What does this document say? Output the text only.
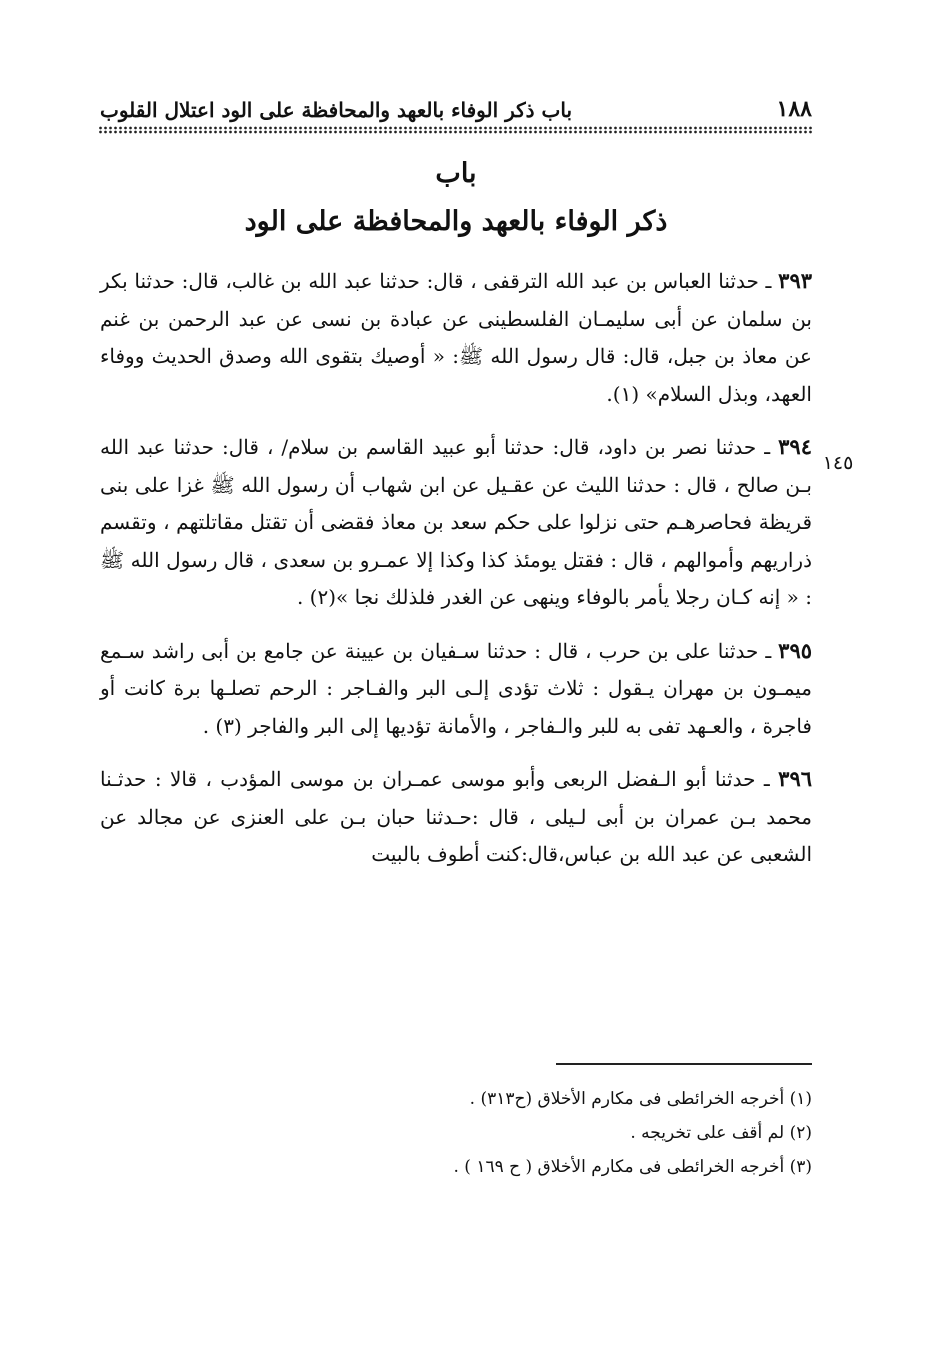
١٨٨
باب ذكر الوفاء بالعهد والمحافظة على الود اعتلال القلوب
باب
ذكر الوفاء بالعهد والمحافظة على الود
١٤٥

٣٩٣ ـ حدثنا العباس بن عبد الله الترقفى ، قال: حدثنا عبد الله بن غالب، قال: حدثنا بكر بن سلمان عن أبى سليمـان الفلسطينى عن عبادة بن نسى عن عبد الرحمن بن غنم عن معاذ بن جبل، قال: قال رسول الله ﷺ: « أوصيك بتقوى الله وصدق الحديث ووفاء العهد، وبذل السلام» (١).

٣٩٤ ـ حدثنا نصر بن داود، قال: حدثنا أبو عبيد القاسم بن سلام/ ، قال: حدثنا عبد الله بـن صالح ، قال : حدثنا الليث عن عقـيل عن ابن شهاب أن رسول الله ﷺ غزا على بنى قريظة فحاصرهـم حتى نزلوا على حكم سعد بن معاذ فقضى أن تقتل مقاتلتهم ، وتقسم ذراريهم وأموالهم ، قال : فقتل يومئذ كذا وكذا إلا عمـرو بن سعدى ، قال رسول الله ﷺ : « إنه كـان رجلا يأمر بالوفاء وينهى عن الغدر فلذلك نجا »(٢) .

٣٩٥ ـ حدثنا على بن حرب ، قال : حدثنا سـفيان بن عيينة عن جامع بن أبى راشد سـمع ميمـون بن مهران يـقول : ثلاث تؤدى إلـى البر والفـاجر : الرحم تصلـها برة كانت أو فاجرة ، والعـهد تفى به للبر والـفاجر ، والأمانة تؤديها إلى البر والفاجر (٣) .

٣٩٦ ـ حدثنا أبو الـفضل الربعى وأبو موسى عمـران بن موسى المؤدب ، قالا : حدثـنا محمد بـن عمران بن أبى لـيلى ، قال :حـدثنا حبان بـن على العنزى عن مجالد عن الشعبى عن عبد الله بن عباس،قال:كنت أطوف بالبيت

(١) أخرجه الخرائطى فى مكارم الأخلاق (ح٣١٣) .
(٢) لم أقف على تخريجه .
(٣) أخرجه الخرائطى فى مكارم الأخلاق ( ح ١٦٩ ) .
